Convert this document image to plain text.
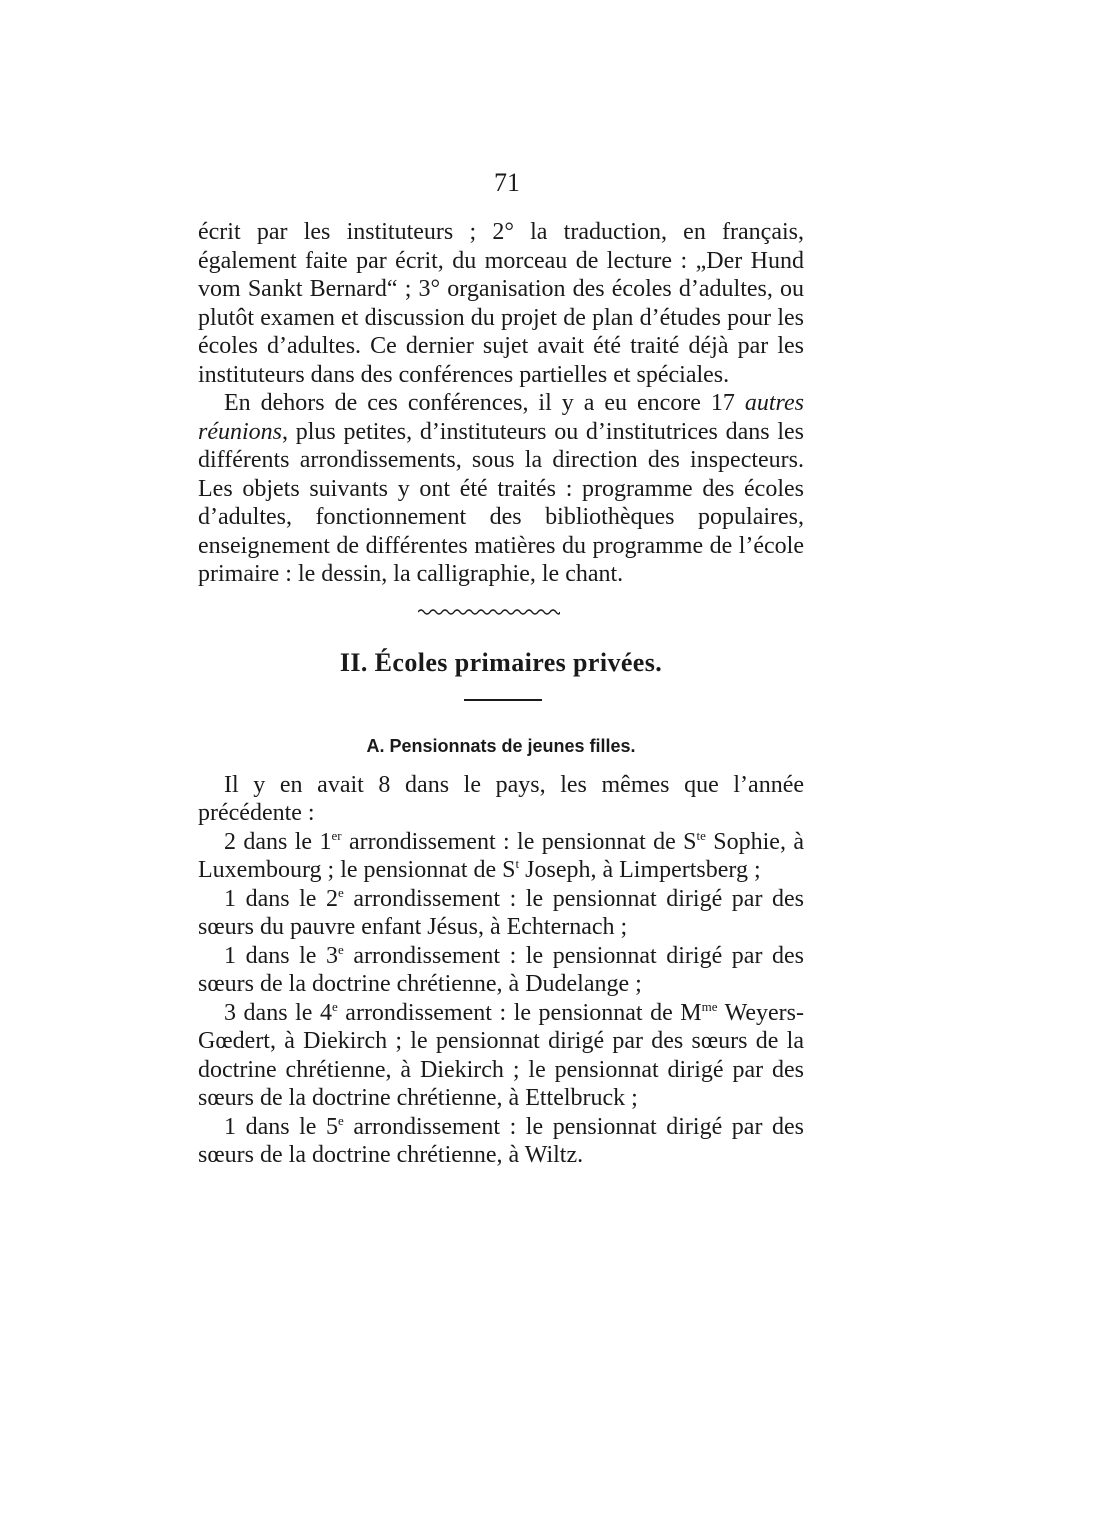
71

écrit par les instituteurs ; 2° la traduction, en français, également faite par écrit, du morceau de lecture : „Der Hund vom Sankt Bernard“ ; 3° organisation des écoles d’adultes, ou plutôt examen et discussion du projet de plan d’études pour les écoles d’adultes. Ce dernier sujet avait été traité déjà par les instituteurs dans des conférences partielles et spéciales.

En dehors de ces conférences, il y a eu encore 17 autres réunions, plus petites, d’instituteurs ou d’institutrices dans les différents arrondissements, sous la direction des inspecteurs. Les objets suivants y ont été traités : programme des écoles d’adultes, fonctionnement des bibliothèques populaires, enseignement de différentes matières du programme de l’école primaire : le dessin, la calligraphie, le chant.

II. Écoles primaires privées.
A. Pensionnats de jeunes filles.

Il y en avait 8 dans le pays, les mêmes que l’année précédente :

2 dans le 1er arrondissement : le pensionnat de $S^{te}$ Sophie, à Luxembourg ; le pensionnat de $S^t$ Joseph, à Limpertsberg ;

1 dans le 2e arrondissement : le pensionnat dirigé par des sœurs du pauvre enfant Jésus, à Echternach ;

1 dans le 3e arrondissement : le pensionnat dirigé par des sœurs de la doctrine chrétienne, à Dudelange ;

3 dans le 4e arrondissement : le pensionnat de $M^{me}$ Weyers-Gœdert, à Diekirch ; le pensionnat dirigé par des sœurs de la doctrine chrétienne, à Diekirch ; le pensionnat dirigé par des sœurs de la doctrine chrétienne, à Ettelbruck ;

1 dans le 5e arrondissement : le pensionnat dirigé par des sœurs de la doctrine chrétienne, à Wiltz.
